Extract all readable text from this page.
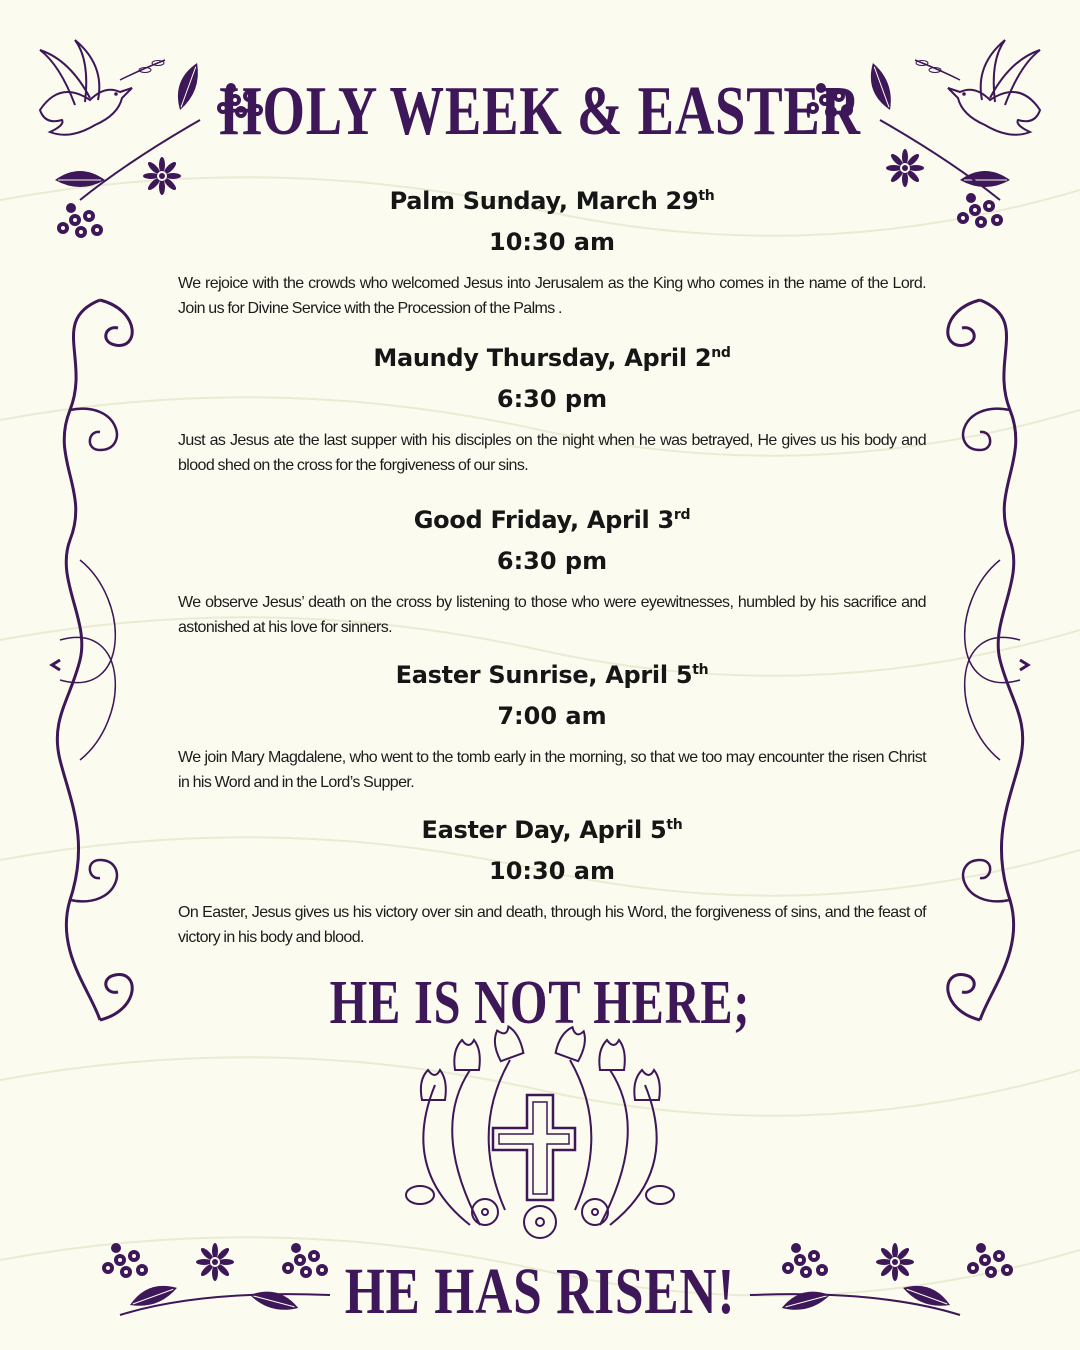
HOLY WEEK & EASTER
Palm Sunday, March 29th
10:30 am
We rejoice with the crowds who welcomed Jesus into Jerusalem as the King who comes in the name of the Lord. Join us for Divine Service with the Procession of the Palms .
Maundy Thursday, April 2nd
6:30 pm
Just as Jesus ate the last supper with his disciples on the night when he was betrayed, He gives us his body and blood shed on the cross for the forgiveness of our sins.
Good Friday, April 3rd
6:30 pm
We observe Jesus’ death on the cross by listening to those who were eyewitnesses, humbled by his sacrifice and astonished at his love for sinners.
Easter Sunrise, April 5th
7:00 am
We join Mary Magdalene, who went to the tomb early in the morning, so that we too may encounter the risen Christ in his Word and in the Lord’s Supper.
Easter Day, April 5th
10:30 am
On Easter, Jesus gives us his victory over sin and death, through his Word, the forgiveness of sins, and the feast of victory in his body and blood.
HE IS NOT HERE;
HE HAS RISEN!
